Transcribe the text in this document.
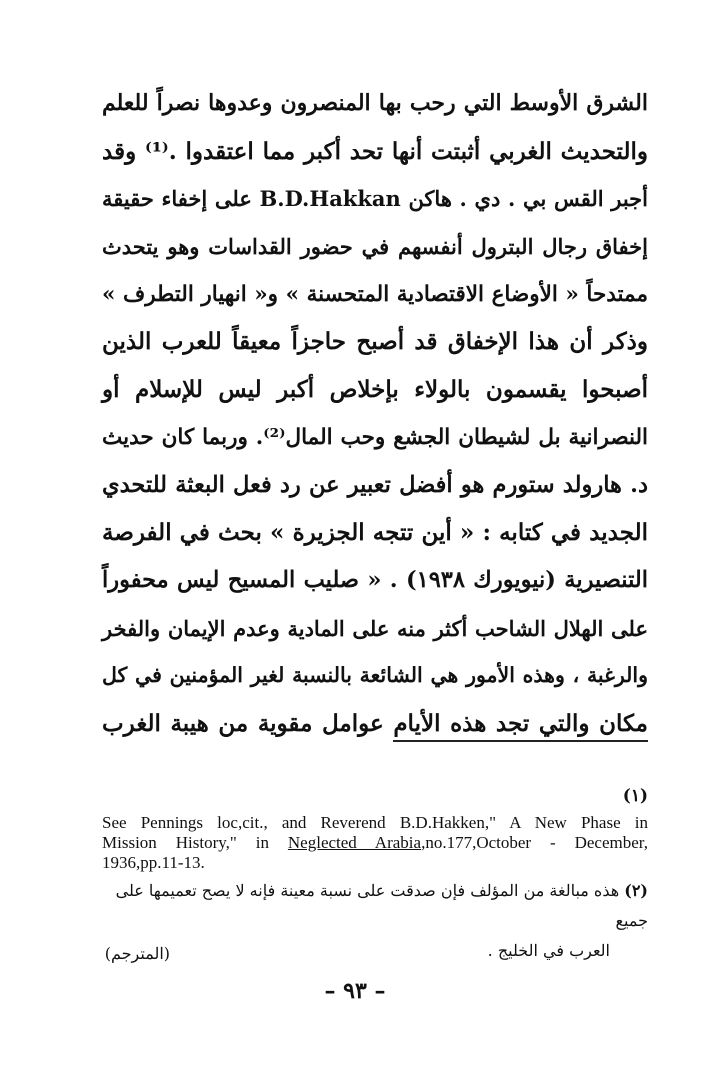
الشرق الأوسط التي رحب بها المنصرون وعدوها نصراً للعلم
والتحديث الغربي أثبتت أنها تحد أكبر مما اعتقدوا .⁽¹⁾ وقد
أجبر القس بي . دي . هاكن B.D.Hakkan على إخفاء حقيقة
إخفاق رجال البترول أنفسهم في حضور القداسات وهو يتحدث
ممتدحاً « الأوضاع الاقتصادية المتحسنة » و« انهيار التطرف »
وذكر أن هذا الإخفاق قد أصبح حاجزاً معيقاً للعرب الذين
أصبحوا يقسمون بالولاء بإخلاص أكبر ليس للإسلام أو
النصرانية بل لشيطان الجشع وحب المال⁽²⁾. وربما كان حديث
د. هارولد ستورم هو أفضل تعبير عن رد فعل البعثة للتحدي
الجديد في كتابه : « أين تتجه الجزيرة » بحث في الفرصة
التنصيرية (نيويورك ١٩٣٨) . « صليب المسيح ليس محفوراً
على الهلال الشاحب أكثر منه على المادية وعدم الإيمان والفخر
والرغبة ، وهذه الأمور هي الشائعة بالنسبة لغير المؤمنين في كل
مكان والتي تجد هذه الأيام عوامل مقوية من هيبة الغرب
(١)
See Pennings loc,cit., and Reverend B.D.Hakken," A New Phase in
Mission History," in Neglected Arabia,no.177,October - December,
1936,pp.11-13.
(٢) هذه مبالغة من المؤلف فإن صدقت على نسبة معينة فإنه لا يصح تعميمها على جميع
العرب في الخليج .
(المترجم)
– ٩٣ –
